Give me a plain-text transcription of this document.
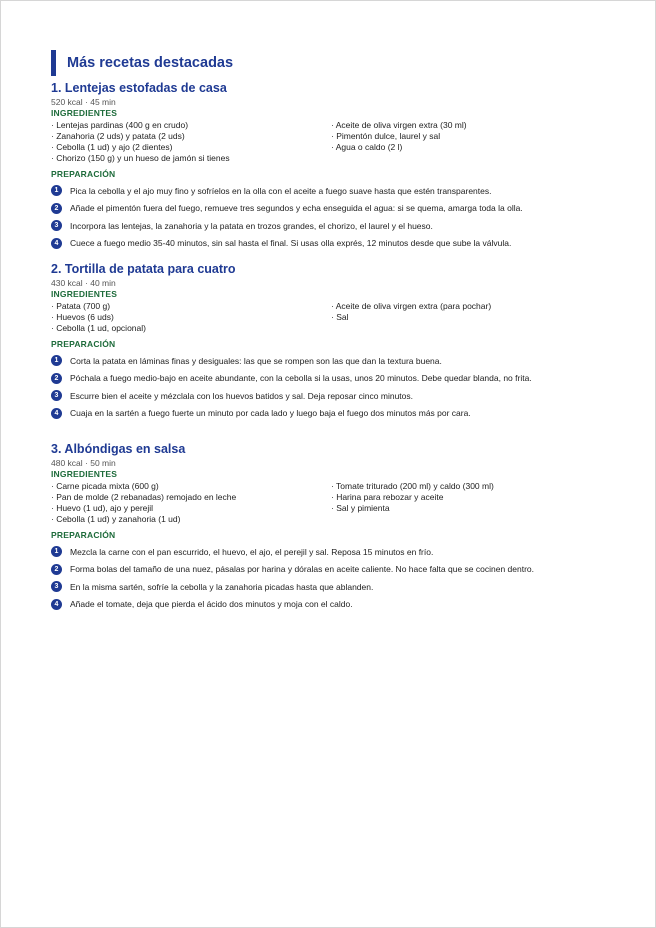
Más recetas destacadas
1. Lentejas estofadas de casa
520 kcal · 45 min
INGREDIENTES
· Lentejas pardinas (400 g en crudo)
· Zanahoria (2 uds) y patata (2 uds)
· Cebolla (1 ud) y ajo (2 dientes)
· Chorizo (150 g) y un hueso de jamón si tienes
· Aceite de oliva virgen extra (30 ml)
· Pimentón dulce, laurel y sal
· Agua o caldo (2 l)
PREPARACIÓN
1	Pica la cebolla y el ajo muy fino y sofríelos en la olla con el aceite a fuego suave hasta que estén transparentes.
2	Añade el pimentón fuera del fuego, remueve tres segundos y echa enseguida el agua: si se quema, amarga toda la olla.
3	Incorpora las lentejas, la zanahoria y la patata en trozos grandes, el chorizo, el laurel y el hueso.
4	Cuece a fuego medio 35-40 minutos, sin sal hasta el final. Si usas olla exprés, 12 minutos desde que sube la válvula.
2. Tortilla de patata para cuatro
430 kcal · 40 min
INGREDIENTES
· Patata (700 g)
· Huevos (6 uds)
· Cebolla (1 ud, opcional)
· Aceite de oliva virgen extra (para pochar)
· Sal
PREPARACIÓN
1	Corta la patata en láminas finas y desiguales: las que se rompen son las que dan la textura buena.
2	Póchala a fuego medio-bajo en aceite abundante, con la cebolla si la usas, unos 20 minutos. Debe quedar blanda, no frita.
3	Escurre bien el aceite y mézclala con los huevos batidos y sal. Deja reposar cinco minutos.
4	Cuaja en la sartén a fuego fuerte un minuto por cada lado y luego baja el fuego dos minutos más por cara.
3. Albóndigas en salsa
480 kcal · 50 min
INGREDIENTES
· Carne picada mixta (600 g)
· Pan de molde (2 rebanadas) remojado en leche
· Huevo (1 ud), ajo y perejil
· Cebolla (1 ud) y zanahoria (1 ud)
· Tomate triturado (200 ml) y caldo (300 ml)
· Harina para rebozar y aceite
· Sal y pimienta
PREPARACIÓN
1	Mezcla la carne con el pan escurrido, el huevo, el ajo, el perejil y sal. Reposa 15 minutos en frío.
2	Forma bolas del tamaño de una nuez, pásalas por harina y dóralas en aceite caliente. No hace falta que se cocinen dentro.
3	En la misma sartén, sofríe la cebolla y la zanahoria picadas hasta que ablanden.
4	Añade el tomate, deja que pierda el ácido dos minutos y moja con el caldo.
